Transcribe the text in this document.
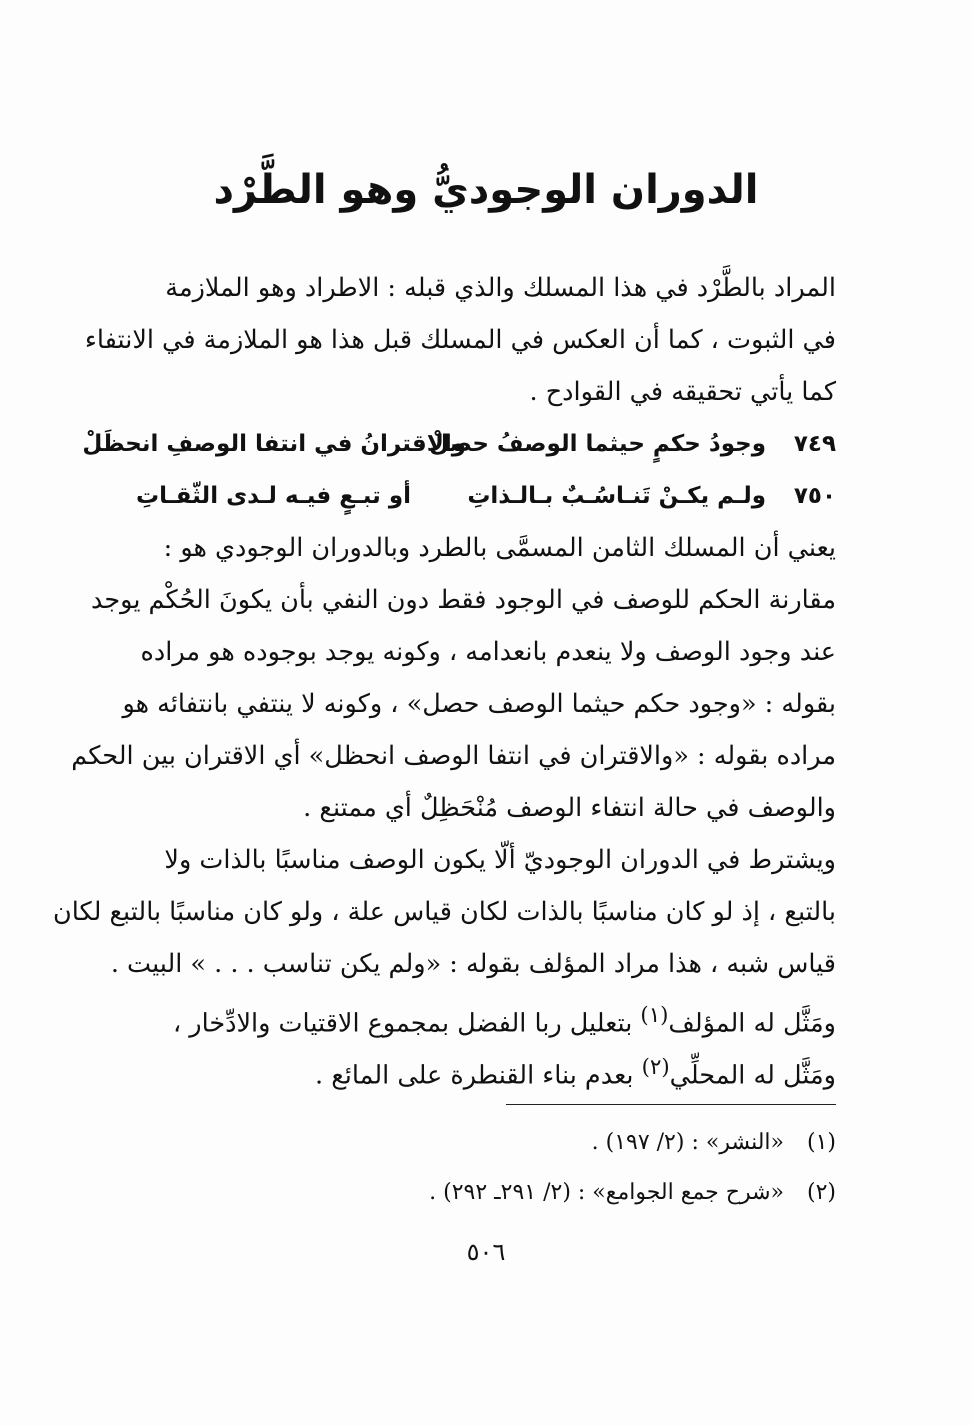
الدوران الوجوديُّ وهو الطَّرْد
المراد بالطَّرْد في هذا المسلك والذي قبله : الاطراد وهو الملازمة
في الثبوت ، كما أن العكس في المسلك قبل هذا هو الملازمة في الانتفاء
كما يأتي تحقيقه في القوادح .
٧٤٩
وجودُ حكمٍ حيثما الوصفُ حصلْ
والاقترانُ في انتفا الوصفِ انحظَلْ
٧٥٠
ولـم يكـنْ تَنـاسُـبٌ بـالـذاتِ
أو تبـعٍ فيـه لـدى الثّقـاتِ
يعني أن المسلك الثامن المسمَّى بالطرد وبالدوران الوجودي هو :
مقارنة الحكم للوصف في الوجود فقط دون النفي بأن يكونَ الحُكْم يوجد
عند وجود الوصف ولا ينعدم بانعدامه ، وكونه يوجد بوجوده هو مراده
بقوله : «وجود حكم حيثما الوصف حصل» ، وكونه لا ينتفي بانتفائه هو
مراده بقوله : «والاقتران في انتفا الوصف انحظل» أي الاقتران بين الحكم
والوصف في حالة انتفاء الوصف مُنْحَظِلٌ أي ممتنع .
ويشترط في الدوران الوجوديّ ألّا يكون الوصف مناسبًا بالذات ولا
بالتبع ، إذ لو كان مناسبًا بالذات لكان قياس علة ، ولو كان مناسبًا بالتبع لكان
قياس شبه ، هذا مراد المؤلف بقوله : «ولم يكن تناسب . . . » البيت .
ومَثَّل له المؤلف$^{(١)}$ بتعليل ربا الفضل بمجموع الاقتيات والادِّخار ،
ومَثَّل له المحلِّي$^{(٢)}$ بعدم بناء القنطرة على المائع .
(١)«النشر» : (٢/ ١٩٧) .
(٢)«شرح جمع الجوامع» : (٢/ ٢٩١ـ ٢٩٢) .
٥٠٦
